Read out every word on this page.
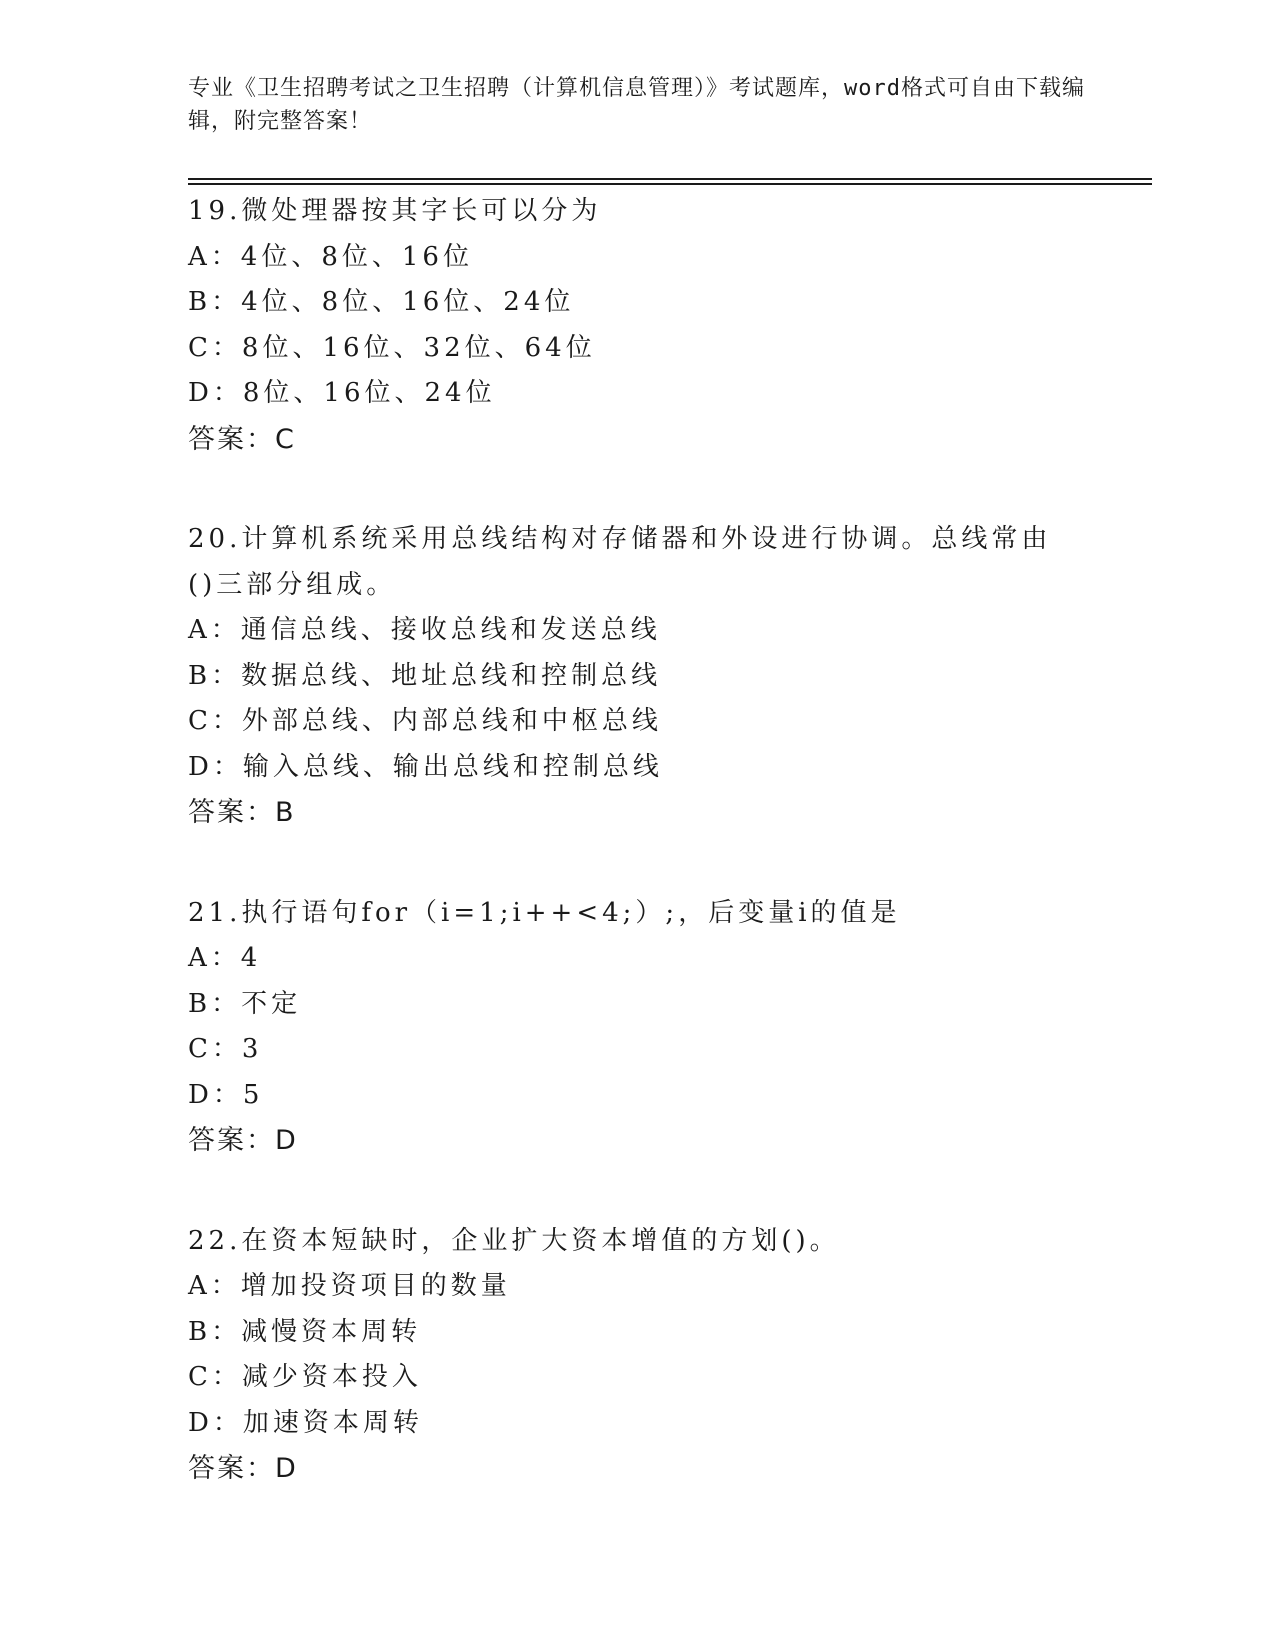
专业《卫生招聘考试之卫生招聘（计算机信息管理）》考试题库，word格式可自由下载编辑，附完整答案！
19.微处理器按其字长可以分为
A：4位、8位、16位
B：4位、8位、16位、24位
C：8位、16位、32位、64位
D：8位、16位、24位
答案：C
20.计算机系统采用总线结构对存储器和外设进行协调。总线常由()三部分组成。
A：通信总线、接收总线和发送总线
B：数据总线、地址总线和控制总线
C：外部总线、内部总线和中枢总线
D：输入总线、输出总线和控制总线
答案：B
21.执行语句for（i=1;i++<4;）;，后变量i的值是
A：4
B：不定
C：3
D：5
答案：D
22.在资本短缺时，企业扩大资本增值的方划()。
A：增加投资项目的数量
B：减慢资本周转
C：减少资本投入
D：加速资本周转
答案：D
